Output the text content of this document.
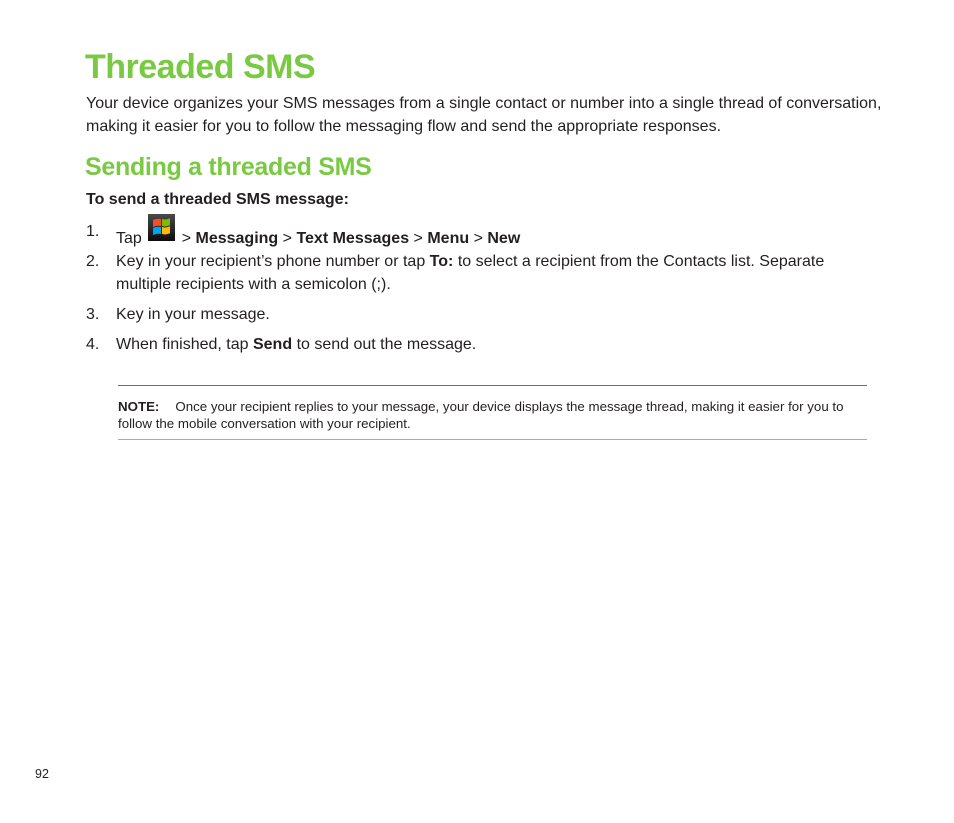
Threaded SMS

Your device organizes your SMS messages from a single contact or number into a single thread of conversation, making it easier for you to follow the messaging flow and send the appropriate responses.

Sending a threaded SMS

To send a threaded SMS message:

1. Tap > Messaging > Text Messages > Menu > New
2. Key in your recipient’s phone number or tap To: to select a recipient from the Contacts list. Separate multiple recipients with a semicolon (;).
3. Key in your message.
4. When finished, tap Send to send out the message.

NOTE: Once your recipient replies to your message, your device displays the message thread, making it easier for you to follow the mobile conversation with your recipient.

92
